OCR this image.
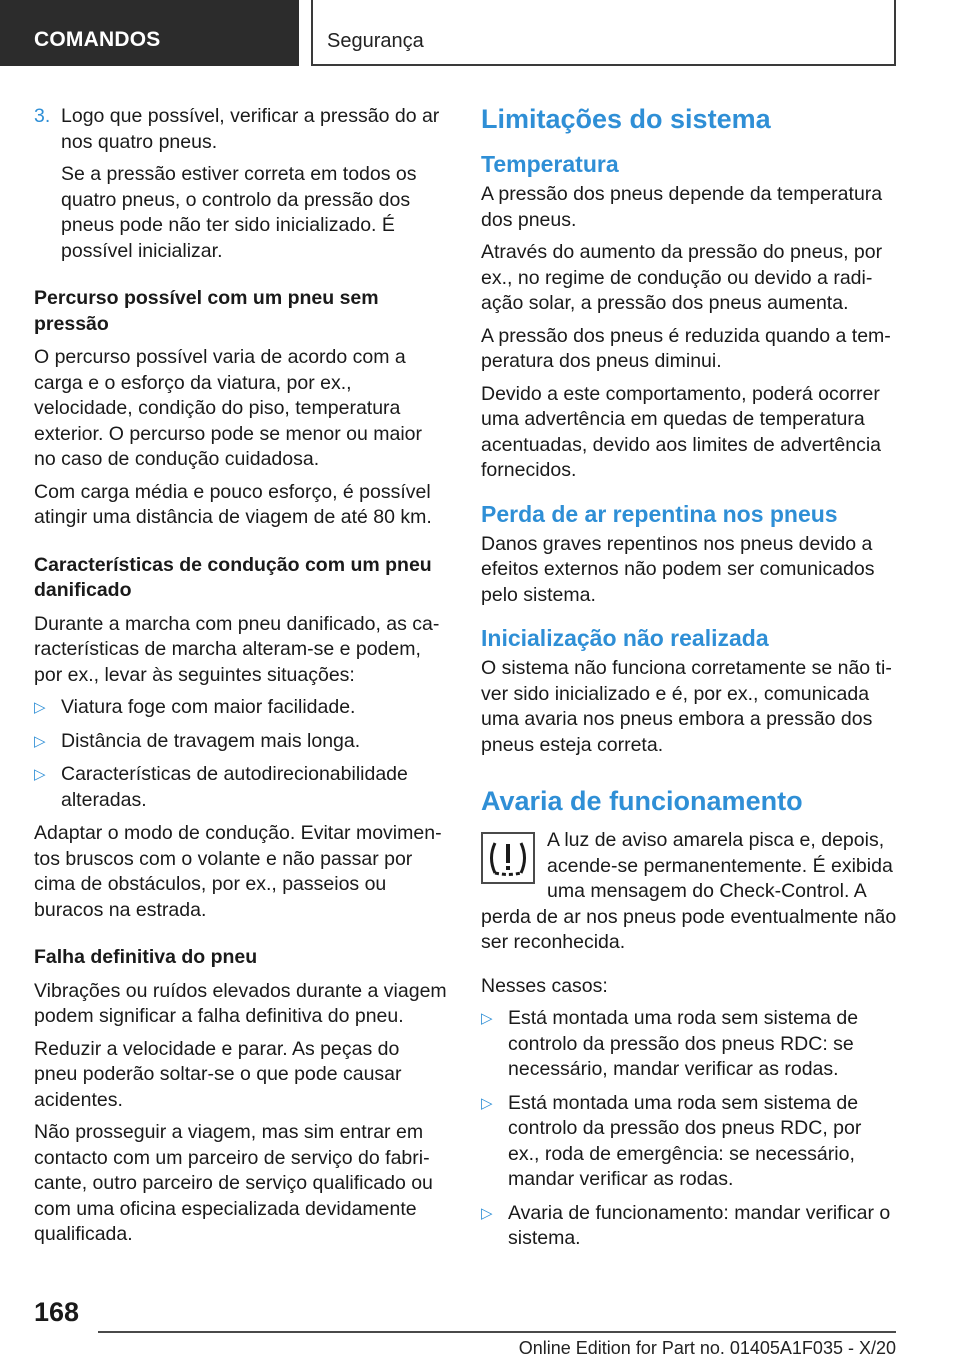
COMANDOS	Segurança
3. Logo que possível, verificar a pressão do ar nos quatro pneus.

Se a pressão estiver correta em todos os quatro pneus, o controlo da pressão dos pneus pode não ter sido inicializado. É possível inicializar.

Percurso possível com um pneu sem pressão

O percurso possível varia de acordo com a carga e o esforço da viatura, por ex., velocidade, condição do piso, temperatura exterior. O percurso pode se menor ou maior no caso de condução cuidadosa.

Com carga média e pouco esforço, é possível atingir uma distância de viagem de até 80 km.

Características de condução com um pneu danificado

Durante a marcha com pneu danificado, as características de marcha alteram-se e podem, por ex., levar às seguintes situações:

▷ Viatura foge com maior facilidade.
▷ Distância de travagem mais longa.
▷ Características de autodirecionabilidade alteradas.

Adaptar o modo de condução. Evitar movimentos bruscos com o volante e não passar por cima de obstáculos, por ex., passeios ou buracos na estrada.

Falha definitiva do pneu

Vibrações ou ruídos elevados durante a viagem podem significar a falha definitiva do pneu.

Reduzir a velocidade e parar. As peças do pneu poderão soltar-se o que pode causar acidentes.

Não prosseguir a viagem, mas sim entrar em contacto com um parceiro de serviço do fabricante, outro parceiro de serviço qualificado ou com uma oficina especializada devidamente qualificada.

Limitações do sistema
Temperatura

A pressão dos pneus depende da temperatura dos pneus.

Através do aumento da pressão do pneus, por ex., no regime de condução ou devido a radiação solar, a pressão dos pneus aumenta.

A pressão dos pneus é reduzida quando a temperatura dos pneus diminui.

Devido a este comportamento, poderá ocorrer uma advertência em quedas de temperatura acentuadas, devido aos limites de advertência fornecidos.

Perda de ar repentina nos pneus

Danos graves repentinos nos pneus devido a efeitos externos não podem ser comunicados pelo sistema.

Inicialização não realizada

O sistema não funciona corretamente se não tiver sido inicializado e é, por ex., comunicada uma avaria nos pneus embora a pressão dos pneus esteja correta.

Avaria de funcionamento

A luz de aviso amarela pisca e, depois, acende-se permanentemente. É exibida uma mensagem do Check-Control. A perda de ar nos pneus pode eventualmente não ser reconhecida.

Nesses casos:

▷ Está montada uma roda sem sistema de controlo da pressão dos pneus RDC: se necessário, mandar verificar as rodas.
▷ Está montada uma roda sem sistema de controlo da pressão dos pneus RDC, por ex., roda de emergência: se necessário, mandar verificar as rodas.
▷ Avaria de funcionamento: mandar verificar o sistema.
168
Online Edition for Part no. 01405A1F035 - X/20
